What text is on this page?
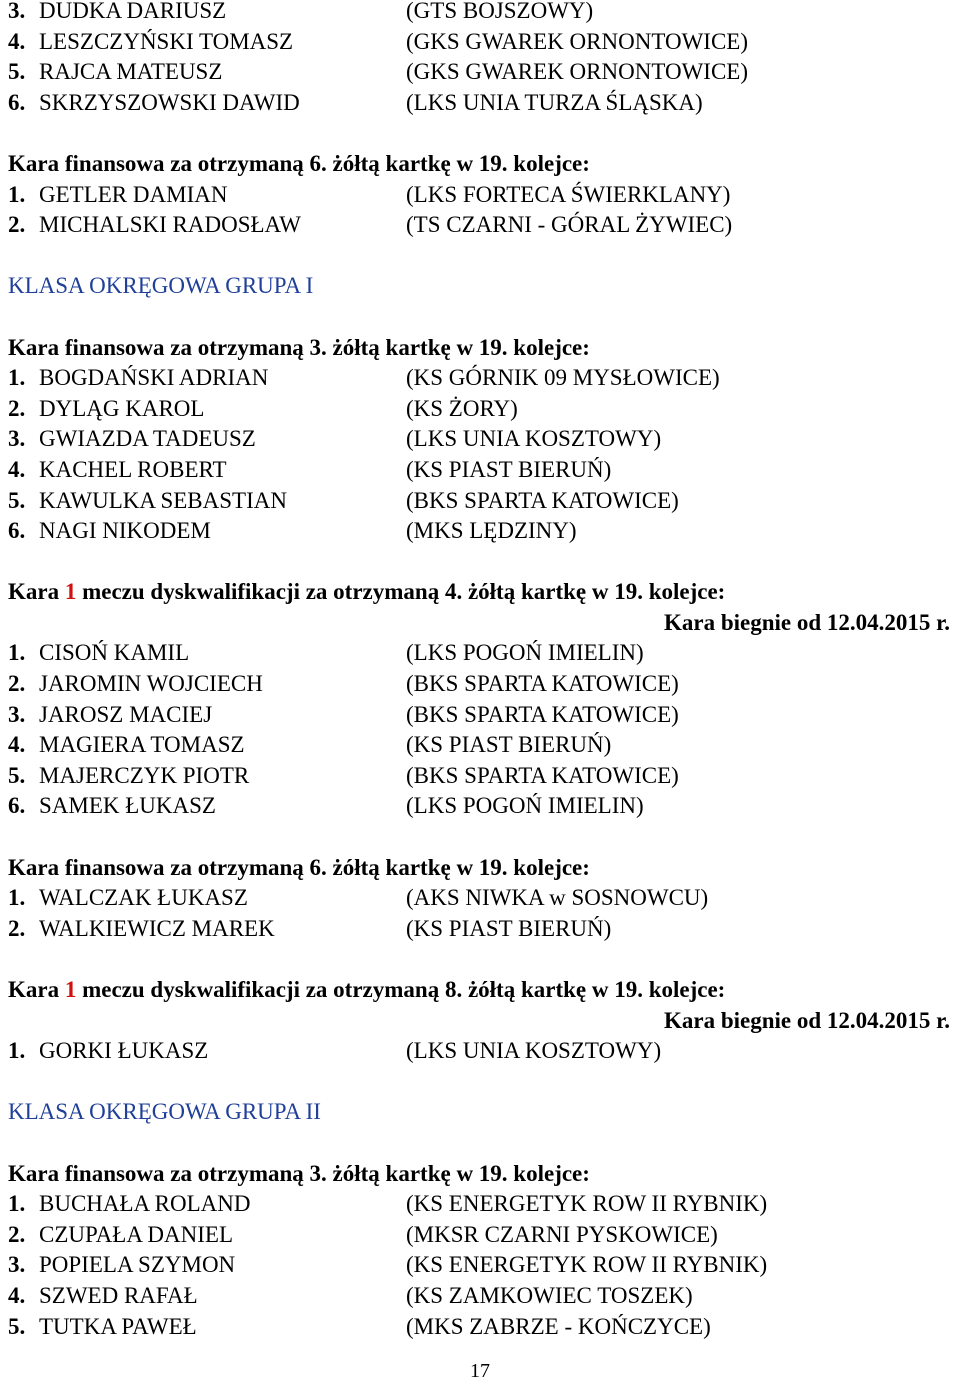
3. DUDKA DARIUSZ	(GTS BOJSZOWY)
4. LESZCZYŃSKI TOMASZ	(GKS GWAREK ORNONTOWICE)
5. RAJCA MATEUSZ	(GKS GWAREK ORNONTOWICE)
6. SKRZYSZOWSKI DAWID	(LKS UNIA TURZA ŚLĄSKA)
Kara finansowa za otrzymaną 6. żółtą kartkę w 19. kolejce:
1. GETLER DAMIAN	(LKS FORTECA ŚWIERKLANY)
2. MICHALSKI RADOSŁAW	(TS CZARNI - GÓRAL ŻYWIEC)
KLASA OKRĘGOWA GRUPA I
Kara finansowa za otrzymaną 3. żółtą kartkę w 19. kolejce:
1. BOGDAŃSKI ADRIAN	(KS GÓRNIK 09 MYSŁOWICE)
2. DYLĄG KAROL	(KS ŻORY)
3. GWIAZDA TADEUSZ	(LKS UNIA KOSZTOWY)
4. KACHEL ROBERT	(KS PIAST BIERUŃ)
5. KAWULKA SEBASTIAN	(BKS SPARTA KATOWICE)
6. NAGI NIKODEM	(MKS LĘDZINY)
Kara 1 meczu dyskwalifikacji za otrzymaną 4. żółtą kartkę w 19. kolejce:
Kara biegnie od 12.04.2015 r.
1. CISOŃ KAMIL	(LKS POGOŃ IMIELIN)
2. JAROMIN WOJCIECH	(BKS SPARTA KATOWICE)
3. JAROSZ MACIEJ	(BKS SPARTA KATOWICE)
4. MAGIERA TOMASZ	(KS PIAST BIERUŃ)
5. MAJERCZYK PIOTR	(BKS SPARTA KATOWICE)
6. SAMEK ŁUKASZ	(LKS POGOŃ IMIELIN)
Kara finansowa za otrzymaną 6. żółtą kartkę w 19. kolejce:
1. WALCZAK ŁUKASZ	(AKS NIWKA w SOSNOWCU)
2. WALKIEWICZ MAREK	(KS PIAST BIERUŃ)
Kara 1 meczu dyskwalifikacji za otrzymaną 8. żółtą kartkę w 19. kolejce:
Kara biegnie od 12.04.2015 r.
1. GORKI ŁUKASZ	(LKS UNIA KOSZTOWY)
KLASA OKRĘGOWA GRUPA II
Kara finansowa za otrzymaną 3. żółtą kartkę w 19. kolejce:
1. BUCHAŁA ROLAND	(KS ENERGETYK ROW II RYBNIK)
2. CZUPAŁA DANIEL	(MKSR CZARNI PYSKOWICE)
3. POPIELA SZYMON	(KS ENERGETYK ROW II RYBNIK)
4. SZWED RAFAŁ	(KS ZAMKOWIEC TOSZEK)
5. TUTKA PAWEŁ	(MKS ZABRZE - KOŃCZYCE)
17
